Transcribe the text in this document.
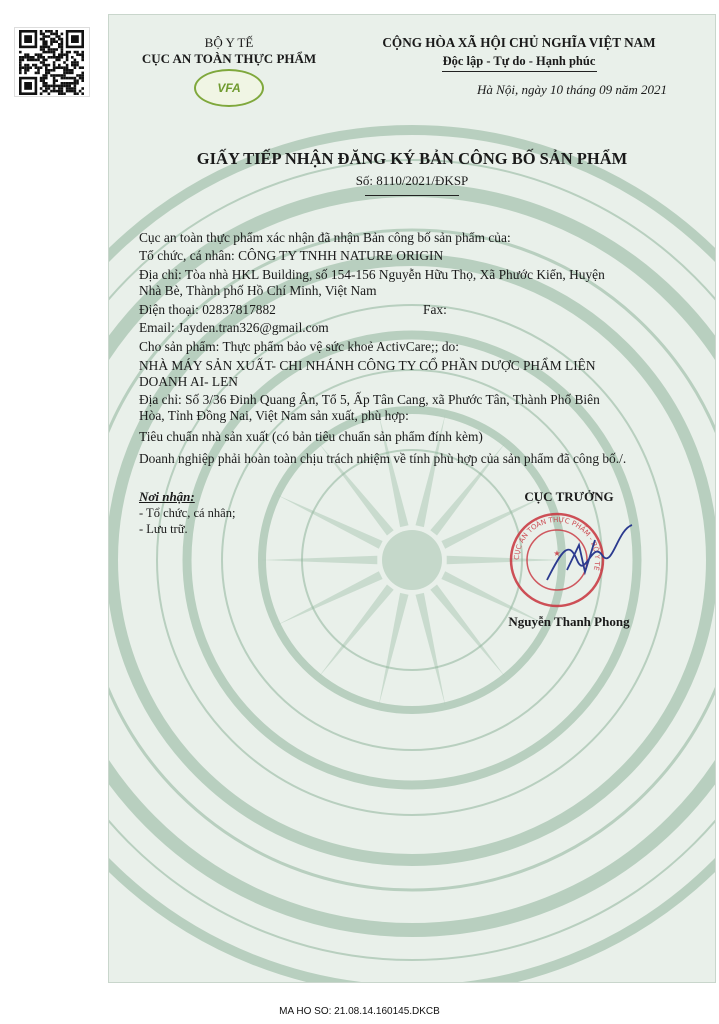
BỘ Y TẾ
CỤC AN TOÀN THỰC PHẨM
VFA
CỘNG HÒA XÃ HỘI CHỦ NGHĨA VIỆT NAM
Độc lập - Tự do - Hạnh phúc
Hà Nội, ngày 10 tháng 09 năm 2021
GIẤY TIẾP NHẬN ĐĂNG KÝ BẢN CÔNG BỐ SẢN PHẨM
Số: 8110/2021/ĐKSP
Cục an toàn thực phẩm xác nhận đã nhận Bản công bố sản phẩm của:
Tổ chức, cá nhân: CÔNG TY TNHH NATURE ORIGIN
Địa chỉ: Tòa nhà HKL Building, số 154-156 Nguyễn Hữu Thọ, Xã Phước Kiển, Huyện
Nhà Bè, Thành phố Hồ Chí Minh, Việt Nam
Điện thoại: 02837817882	Fax:
Email: Jayden.tran326@gmail.com
Cho sản phẩm: Thực phẩm bảo vệ sức khoẻ ActivCare;; do:
NHÀ MÁY SẢN XUẤT- CHI NHÁNH CÔNG TY CỔ PHẦN DƯỢC PHẨM LIÊN
DOANH AI- LEN
Địa chỉ: Số 3/36 Đinh Quang Ân, Tổ 5, Ấp Tân Cang, xã Phước Tân, Thành Phố Biên
Hòa, Tỉnh Đồng Nai, Việt Nam sản xuất, phù hợp:
Tiêu chuẩn nhà sản xuất (có bản tiêu chuẩn sản phẩm đính kèm)
Doanh nghiệp phải hoàn toàn chịu trách nhiệm về tính phù hợp của sản phẩm đã công bố./.
Nơi nhận:
- Tổ chức, cá nhân;
- Lưu trữ.
CỤC TRƯỞNG
CỤC AN TOÀN THỰC PHẨM - BỘ Y TẾ
★
Nguyễn Thanh Phong
MA HO SO: 21.08.14.160145.DKCB
